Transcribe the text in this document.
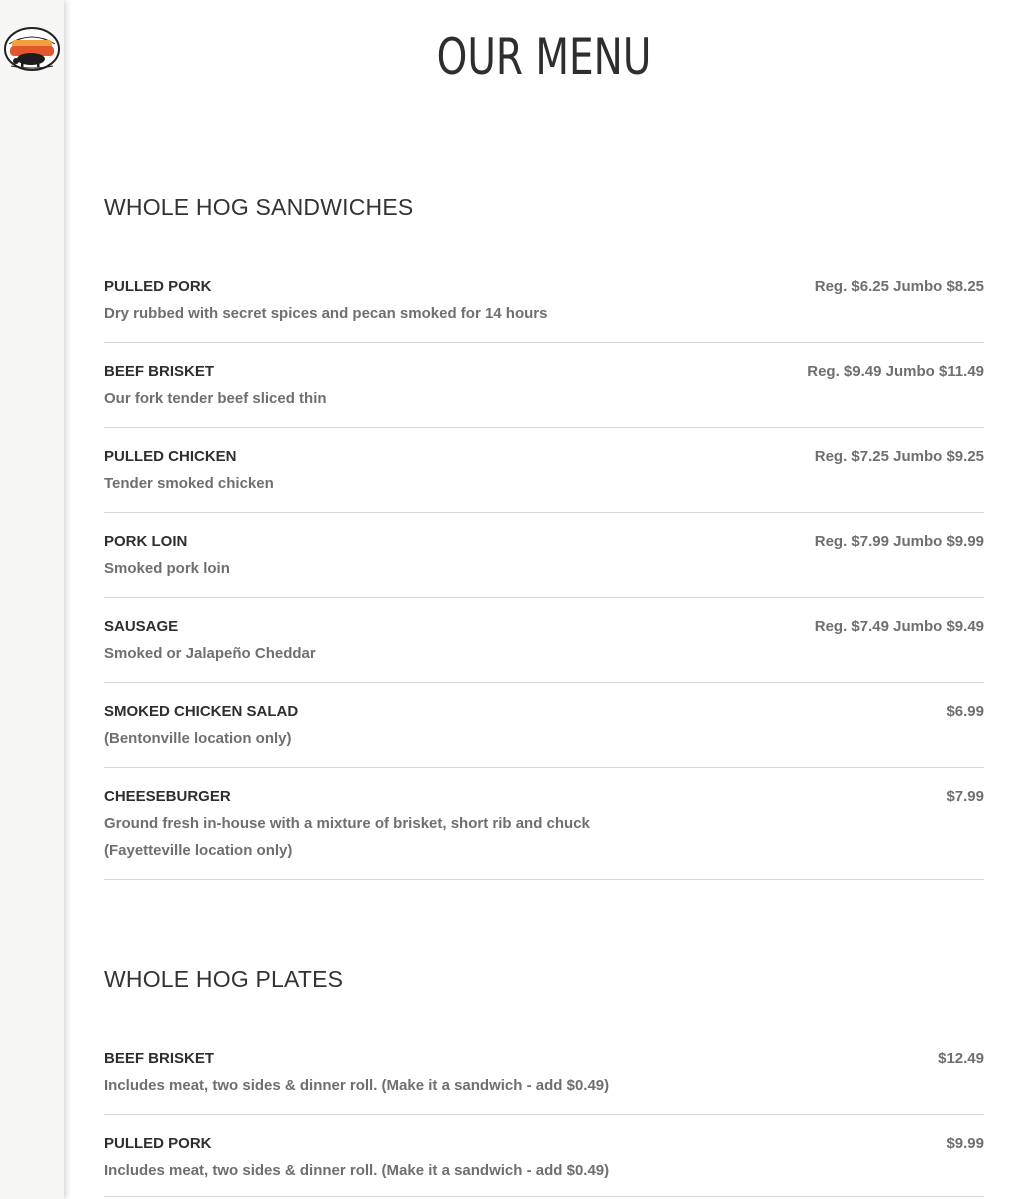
OUR MENU
WHOLE HOG SANDWICHES
PULLED PORK	Reg. $6.25 Jumbo $8.25
Dry rubbed with secret spices and pecan smoked for 14 hours
BEEF BRISKET	Reg. $9.49 Jumbo $11.49
Our fork tender beef sliced thin
PULLED CHICKEN	Reg. $7.25 Jumbo $9.25
Tender smoked chicken
PORK LOIN	Reg. $7.99 Jumbo $9.99
Smoked pork loin
SAUSAGE	Reg. $7.49 Jumbo $9.49
Smoked or Jalapeño Cheddar
SMOKED CHICKEN SALAD	$6.99
(Bentonville location only)
CHEESEBURGER	$7.99
Ground fresh in-house with a mixture of brisket, short rib and chuck
(Fayetteville location only)
WHOLE HOG PLATES
BEEF BRISKET	$12.49
Includes meat, two sides & dinner roll. (Make it a sandwich - add $0.49)
PULLED PORK	$9.99
Includes meat, two sides & dinner roll. (Make it a sandwich - add $0.49)
